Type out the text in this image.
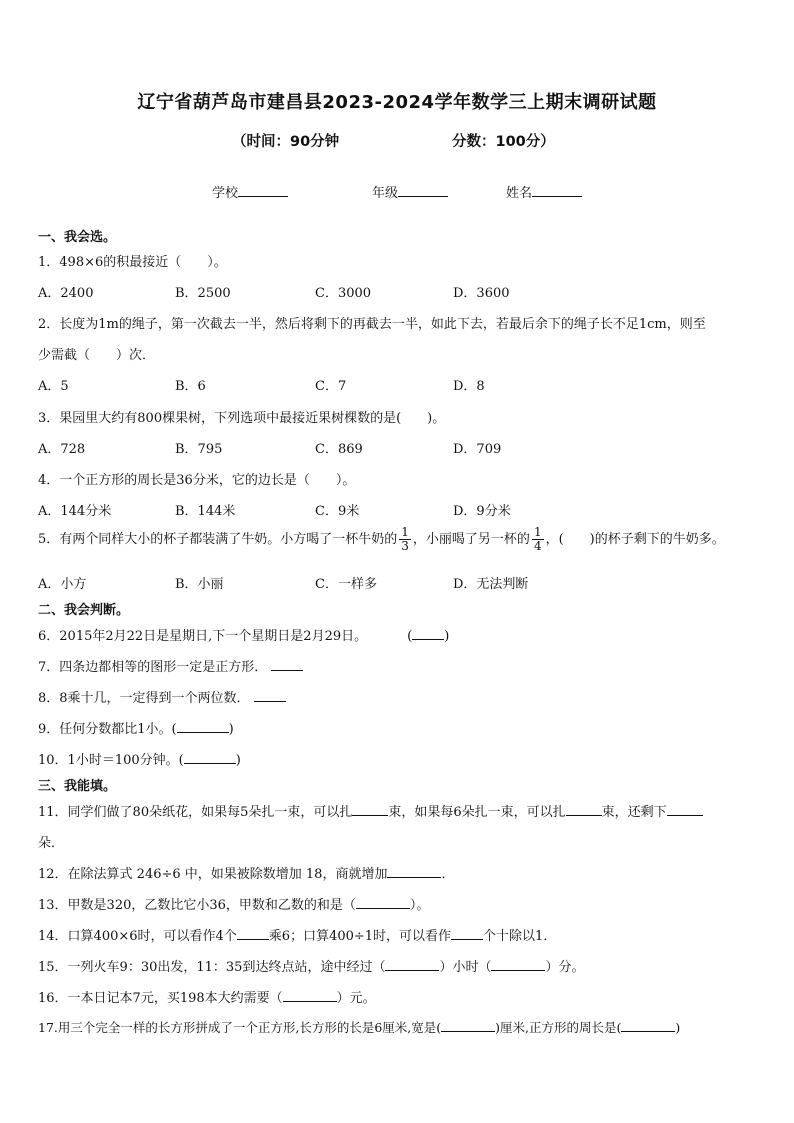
辽宁省葫芦岛市建昌县2023-2024学年数学三上期末调研试题
（时间：90分钟	分数：100分）
学校	年级	姓名
一、我会选。
1．498×6的积最接近（　　）。
A．2400	B．2500	C．3000	D．3600
2．长度为1m的绳子，第一次截去一半，然后将剩下的再截去一半，如此下去，若最后余下的绳子长不足1cm，则至
少需截（　　）次．
A．5	B．6	C．7	D．8
3．果园里大约有800棵果树，下列选项中最接近果树棵数的是(　　)。
A．728	B．795	C．869	D．709
4．一个正方形的周长是36分米，它的边长是（　　）。
A．144分米	B．144米	C．9米	D．9分米
5．有两个同样大小的杯子都装满了牛奶。小方喝了一杯牛奶的 $\frac{1}{3}$ ，小丽喝了另一杯的 $\frac{1}{4}$ ，(　　)的杯子剩下的牛奶多。
A．小方	B．小丽	C．一样多	D．无法判断
二、我会判断。
6．2015年2月22日是星期日,下一个星期日是2月29日。	( )
7．四条边都相等的图形一定是正方形．
8．8乘十几，一定得到一个两位数．
9．任何分数都比1小。(	)
10．1小时＝100分钟。(	)
三、我能填。
11．同学们做了80朵纸花，如果每5朵扎一束，可以扎	束，如果每6朵扎一束，可以扎	束，还剩下
朵．
12．在除法算式 246÷6 中，如果被除数增加 18，商就增加	．
13．甲数是320，乙数比它小36，甲数和乙数的和是（	）。
14．口算400×6时，可以看作4个 乘6；口算400÷1时，可以看作 个十除以1．
15．一列火车9：30出发，11：35到达终点站，途中经过（	）小时（	）分。
16．一本日记本7元，买198本大约需要（	）元。
17.用三个完全一样的长方形拼成了一个正方形,长方形的长是6厘米,宽是(	)厘米,正方形的周长是(	)
